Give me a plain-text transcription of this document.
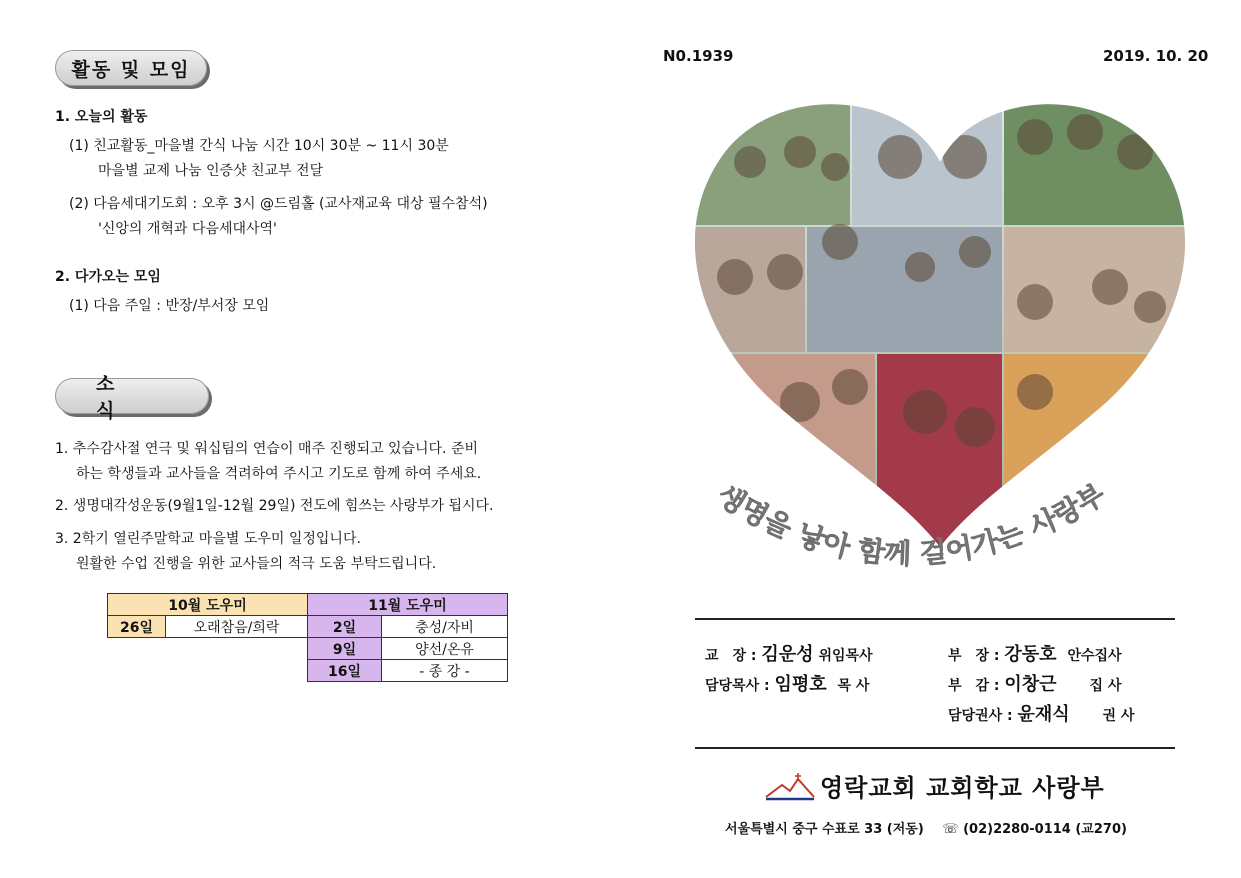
활동 및 모임
1. 오늘의 활동
(1) 친교활동_마을별 간식 나눔 시간 10시 30분 ~ 11시 30분
마을별 교제 나눔 인증샷 친교부 전달
(2) 다음세대기도회 : 오후 3시 @드림홀 (교사재교육 대상 필수참석)
'신앙의 개혁과 다음세대사역'
2. 다가오는 모임
(1) 다음 주일 : 반장/부서장 모임
소식
1. 추수감사절 연극 및 워십팀의 연습이 매주 진행되고 있습니다. 준비
하는 학생들과 교사들을 격려하여 주시고 기도로 함께 하여 주세요.
2. 생명대각성운동(9월1일-12월 29일) 전도에 힘쓰는 사랑부가 됩시다.
3. 2학기 열린주말학교 마을별 도우미 일정입니다.
원활한 수업 진행을 위한 교사들의 적극 도움 부탁드립니다.
10월 도우미		11월 도우미	
26일	오래참음/희락	2일	충성/자비
		9일	양선/온유
		16일	- 종 강 -
N0.1939	2019. 10. 20
생명을 낳아 함께 걸어가는 사랑부
교　장 : 김운성 위임목사	부　장 : 강동호 안수집사
담당목사 : 임평호 목 사	부　감 : 이창근 집 사
담당권사 : 윤재식 권 사
영락교회 교회학교 사랑부
서울특별시 중구 수표로 33 (저동) ☏ (02)2280-0114 (교270)
